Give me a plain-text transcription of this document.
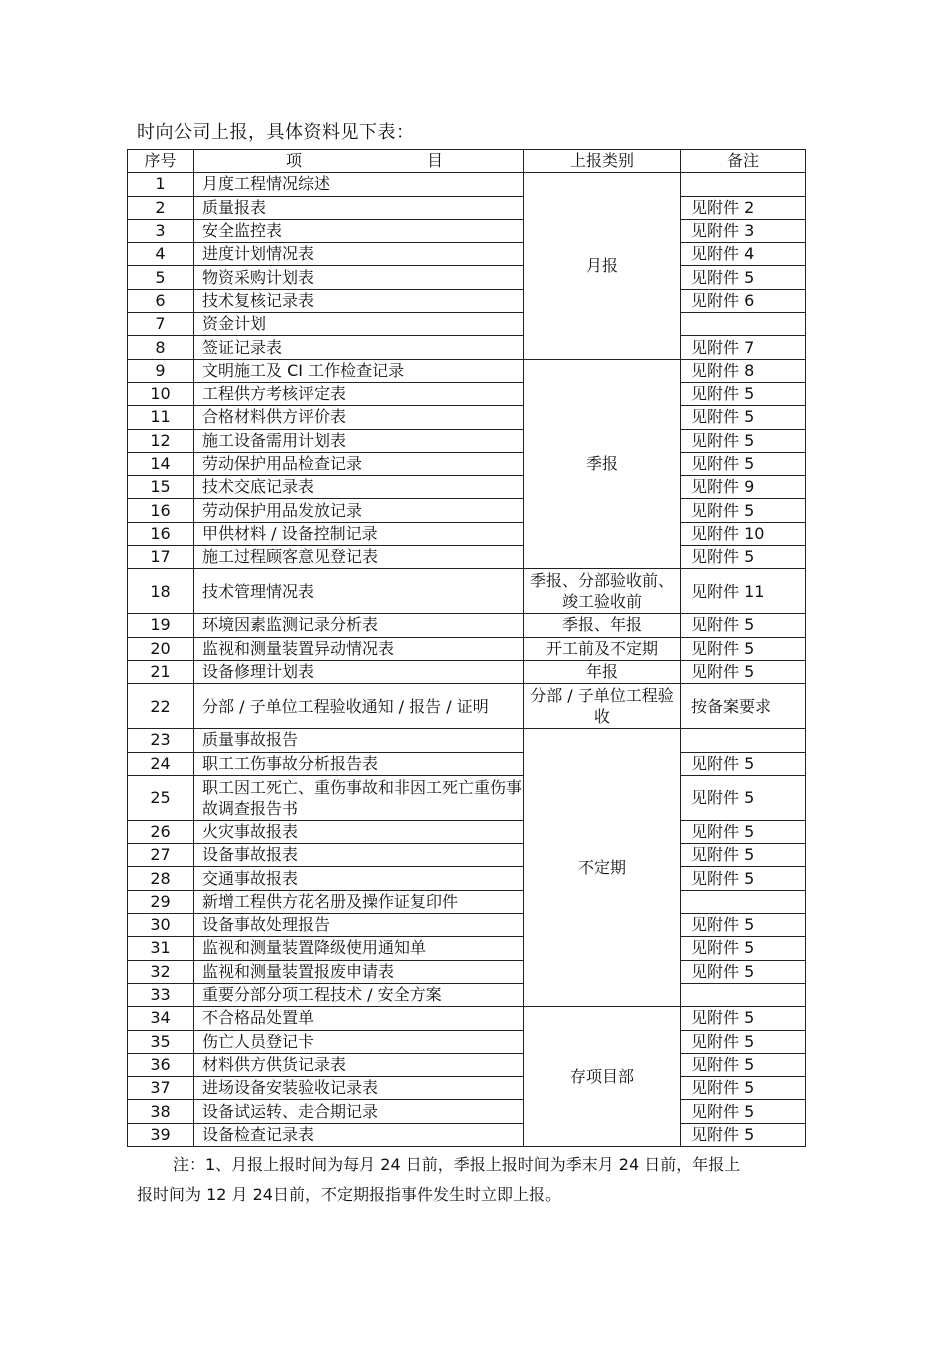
时向公司上报，具体资料见下表：
序号	项 目	上报类别	备注
1	月度工程情况综述	月报	
2	质量报表		见附件 2
3	安全监控表		见附件 3
4	进度计划情况表		见附件 4
5	物资采购计划表		见附件 5
6	技术复核记录表		见附件 6
7	资金计划		
8	签证记录表		见附件 7
9	文明施工及 CI 工作检查记录	季报	见附件 8
10	工程供方考核评定表		见附件 5
11	合格材料供方评价表		见附件 5
12	施工设备需用计划表		见附件 5
14	劳动保护用品检查记录		见附件 5
15	技术交底记录表		见附件 9
16	劳动保护用品发放记录		见附件 5
16	甲供材料 / 设备控制记录		见附件 10
17	施工过程顾客意见登记表		见附件 5
18	技术管理情况表	季报、分部验收前、竣工验收前	见附件 11
19	环境因素监测记录分析表	季报、年报	见附件 5
20	监视和测量装置异动情况表	开工前及不定期	见附件 5
21	设备修理计划表	年报	见附件 5
22	分部 / 子单位工程验收通知 / 报告 / 证明	分部 / 子单位工程验收	按备案要求
23	质量事故报告	不定期	
24	职工工伤事故分析报告表		见附件 5
25	职工因工死亡、重伤事故和非因工死亡重伤事故调查报告书		见附件 5
26	火灾事故报表		见附件 5
27	设备事故报表		见附件 5
28	交通事故报表		见附件 5
29	新增工程供方花名册及操作证复印件		
30	设备事故处理报告		见附件 5
31	监视和测量装置降级使用通知单		见附件 5
32	监视和测量装置报废申请表		见附件 5
33	重要分部分项工程技术 / 安全方案		
34	不合格品处置单	存项目部	见附件 5
35	伤亡人员登记卡		见附件 5
36	材料供方供货记录表		见附件 5
37	进场设备安装验收记录表		见附件 5
38	设备试运转、走合期记录		见附件 5
39	设备检查记录表		见附件 5
注：1、月报上报时间为每月 24 日前，季报上报时间为季末月 24 日前，年报上
报时间为 12 月 24日前，不定期报指事件发生时立即上报。
